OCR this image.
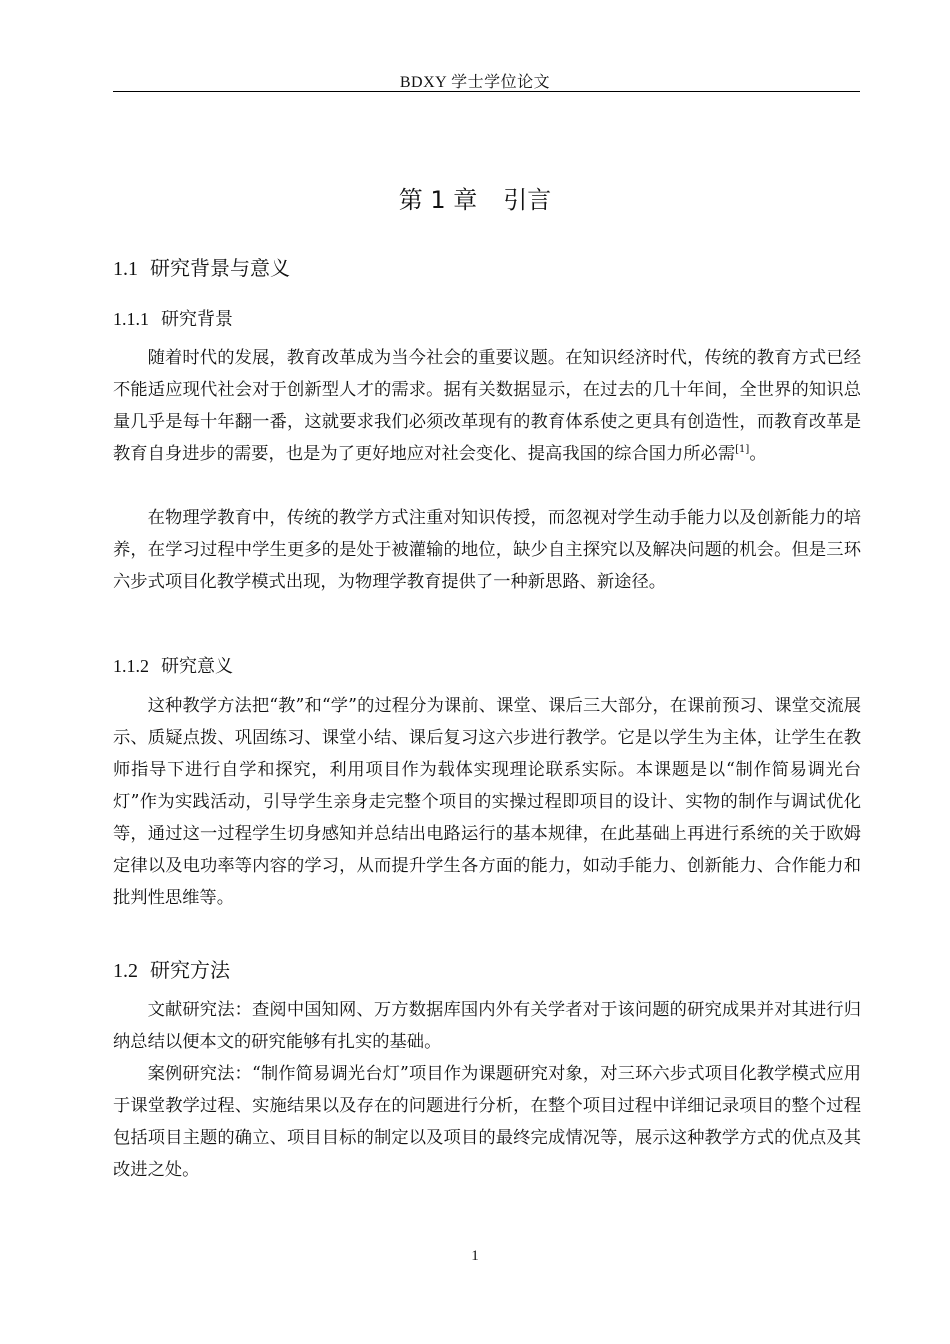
BDXY 学士学位论文
第 1 章 引言
1.1 研究背景与意义
1.1.1 研究背景

随着时代的发展，教育改革成为当今社会的重要议题。在知识经济时代，传统的教育方式已经不能适应现代社会对于创新型人才的需求。据有关数据显示，在过去的几十年间，全世界的知识总量几乎是每十年翻一番，这就要求我们必须改革现有的教育体系使之更具有创造性，而教育改革是教育自身进步的需要，也是为了更好地应对社会变化、提高我国的综合国力所必需[1]。

在物理学教育中，传统的教学方式注重对知识传授，而忽视对学生动手能力以及创新能力的培养，在学习过程中学生更多的是处于被灌输的地位，缺少自主探究以及解决问题的机会。但是三环六步式项目化教学模式出现，为物理学教育提供了一种新思路、新途径。

1.1.2 研究意义

这种教学方法把“教”和“学”的过程分为课前、课堂、课后三大部分，在课前预习、课堂交流展示、质疑点拨、巩固练习、课堂小结、课后复习这六步进行教学。它是以学生为主体，让学生在教师指导下进行自学和探究，利用项目作为载体实现理论联系实际。本课题是以“制作简易调光台灯”作为实践活动，引导学生亲身走完整个项目的实操过程即项目的设计、实物的制作与调试优化等，通过这一过程学生切身感知并总结出电路运行的基本规律，在此基础上再进行系统的关于欧姆定律以及电功率等内容的学习，从而提升学生各方面的能力，如动手能力、创新能力、合作能力和批判性思维等。

1.2 研究方法

文献研究法：查阅中国知网、万方数据库国内外有关学者对于该问题的研究成果并对其进行归纳总结以便本文的研究能够有扎实的基础。

案例研究法：“制作简易调光台灯”项目作为课题研究对象，对三环六步式项目化教学模式应用于课堂教学过程、实施结果以及存在的问题进行分析，在整个项目过程中详细记录项目的整个过程包括项目主题的确立、项目目标的制定以及项目的最终完成情况等，展示这种教学方式的优点及其改进之处。

1
